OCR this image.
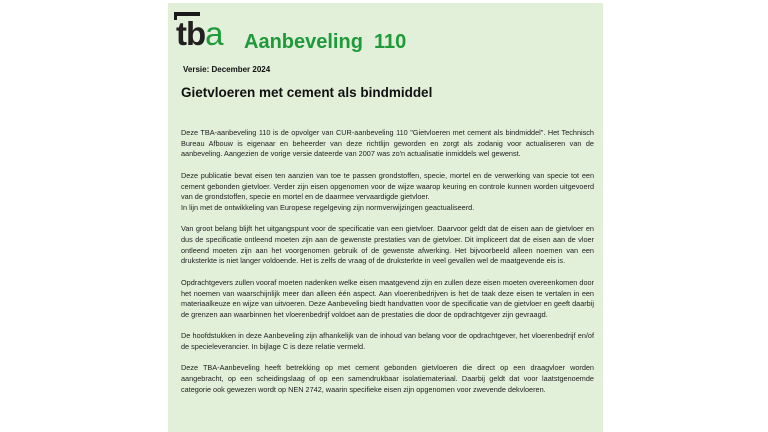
tba Aanbeveling  110
Versie: December 2024
Gietvloeren met cement als bindmiddel

Deze TBA-aanbeveling 110 is de opvolger van CUR-aanbeveling 110 "Gietvloeren met cement als bindmiddel". Het Technisch Bureau Afbouw is eigenaar en beheerder van deze richtlijn geworden en zorgt als zodanig voor actualiseren van de aanbeveling. Aangezien de vorige versie dateerde van 2007 was zo'n actualisatie inmiddels wel gewenst.

Deze publicatie bevat eisen ten aanzien van toe te passen grondstoffen, specie, mortel en de verwerking van specie tot een cement gebonden gietvloer. Verder zijn eisen opgenomen voor de wijze waarop keuring en controle kunnen worden uitgevoerd van de grondstoffen, specie en mortel en de daarmee vervaardigde gietvloer.

In lijn met de ontwikkeling van Europese regelgeving zijn normverwijzingen geactualiseerd.

Van groot belang blijft het uitgangspunt voor de specificatie van een gietvloer. Daarvoor geldt dat de eisen aan de gietvloer en dus de specificatie ontleend moeten zijn aan de gewenste prestaties van de gietvloer. Dit impliceert dat de eisen aan de vloer ontleend moeten zijn aan het voorgenomen gebruik of de gewenste afwerking. Het bijvoorbeeld alleen noemen van een druksterkte is niet langer voldoende. Het is zelfs de vraag of de druksterkte in veel gevallen wel de maatgevende eis is.

Opdrachtgevers zullen vooraf moeten nadenken welke eisen maatgevend zijn en zullen deze eisen moeten overeenkomen door het noemen van waarschijnlijk meer dan alleen één aspect. Aan vloerenbedrijven is het de taak deze eisen te vertalen in een materiaalkeuze en wijze van uitvoeren. Deze Aanbeveling biedt handvatten voor de specificatie van de gietvloer en geeft daarbij de grenzen aan waarbinnen het vloerenbedrijf voldoet aan de prestaties die door de opdrachtgever zijn gevraagd.

De hoofdstukken in deze Aanbeveling zijn afhankelijk van de inhoud van belang voor de opdrachtgever, het vloerenbedrijf en/of de specieleverancier. In bijlage C is deze relatie vermeld.

Deze TBA-Aanbeveling heeft betrekking op met cement gebonden gietvloeren die direct op een draagvloer worden aangebracht, op een scheidingslaag of op een samendrukbaar isolatiemateriaal. Daarbij geldt dat voor laatstgenoemde categorie ook gewezen wordt op NEN 2742, waarin specifieke eisen zijn opgenomen voor zwevende dekvloeren.
